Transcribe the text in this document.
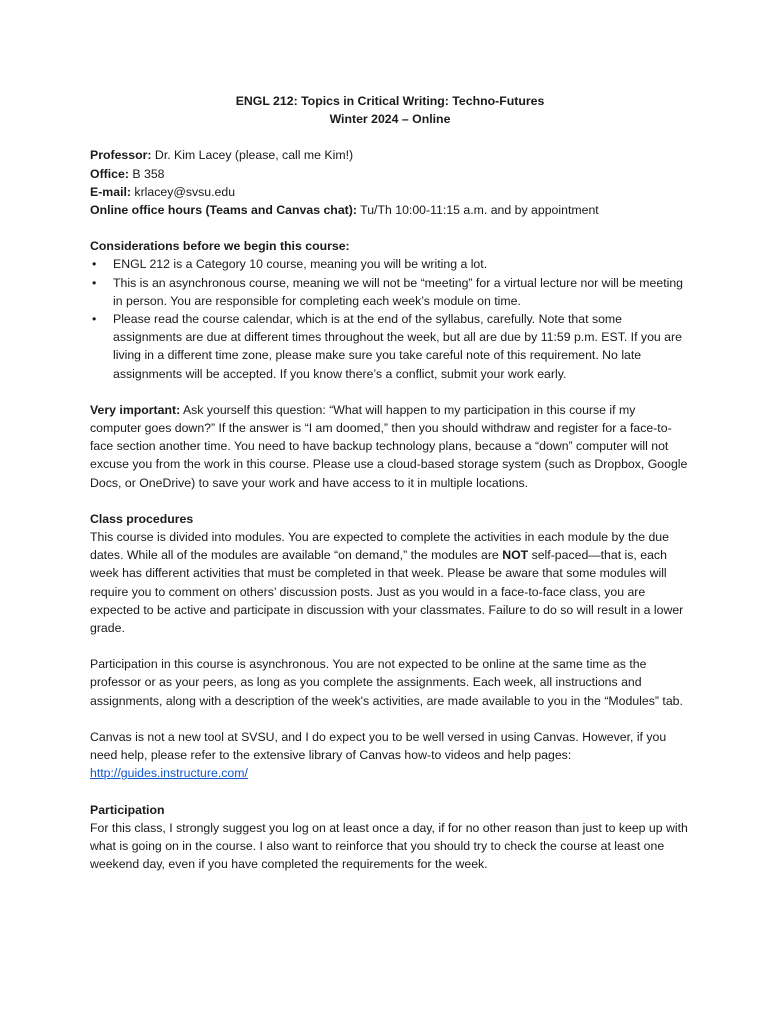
ENGL 212: Topics in Critical Writing: Techno-Futures

Winter 2024 – Online

Professor: Dr. Kim Lacey (please, call me Kim!)

Office: B 358

E-mail: krlacey@svsu.edu

Online office hours (Teams and Canvas chat): Tu/Th 10:00-11:15 a.m. and by appointment

Considerations before we begin this course:

• ENGL 212 is a Category 10 course, meaning you will be writing a lot.
• This is an asynchronous course, meaning we will not be “meeting” for a virtual lecture nor will be meeting in person. You are responsible for completing each week’s module on time.
• Please read the course calendar, which is at the end of the syllabus, carefully. Note that some assignments are due at different times throughout the week, but all are due by 11:59 p.m. EST. If you are living in a different time zone, please make sure you take careful note of this requirement. No late assignments will be accepted. If you know there’s a conflict, submit your work early.

Very important: Ask yourself this question: “What will happen to my participation in this course if my computer goes down?” If the answer is “I am doomed,” then you should withdraw and register for a face-to-face section another time. You need to have backup technology plans, because a “down” computer will not excuse you from the work in this course. Please use a cloud-based storage system (such as Dropbox, Google Docs, or OneDrive) to save your work and have access to it in multiple locations.

Class procedures

This course is divided into modules. You are expected to complete the activities in each module by the due dates. While all of the modules are available “on demand,” the modules are NOT self-paced—that is, each week has different activities that must be completed in that week. Please be aware that some modules will require you to comment on others’ discussion posts. Just as you would in a face-to-face class, you are expected to be active and participate in discussion with your classmates. Failure to do so will result in a lower grade.

Participation in this course is asynchronous. You are not expected to be online at the same time as the professor or as your peers, as long as you complete the assignments. Each week, all instructions and assignments, along with a description of the week's activities, are made available to you in the “Modules” tab.

Canvas is not a new tool at SVSU, and I do expect you to be well versed in using Canvas. However, if you need help, please refer to the extensive library of Canvas how-to videos and help pages:

http://guides.instructure.com/

Participation

For this class, I strongly suggest you log on at least once a day, if for no other reason than just to keep up with what is going on in the course. I also want to reinforce that you should try to check the course at least one weekend day, even if you have completed the requirements for the week.
